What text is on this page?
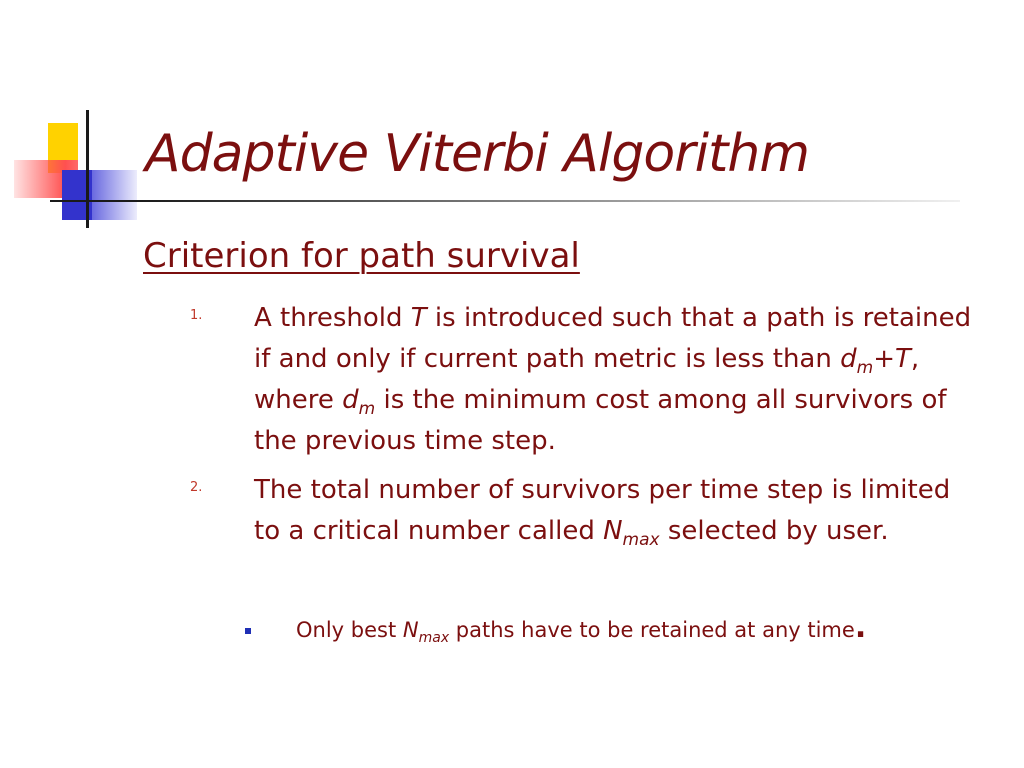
Adaptive Viterbi Algorithm
Criterion for path survival
1. A threshold T is introduced such that a path is retained if and only if current path metric is less than $d_m+T$, where $d_m$ is the minimum cost among all survivors of the previous time step.
2. The total number of survivors per time step is limited to a critical number called $N_{max}$ selected by user.
Only best $N_{max}$ paths have to be retained at any time.
